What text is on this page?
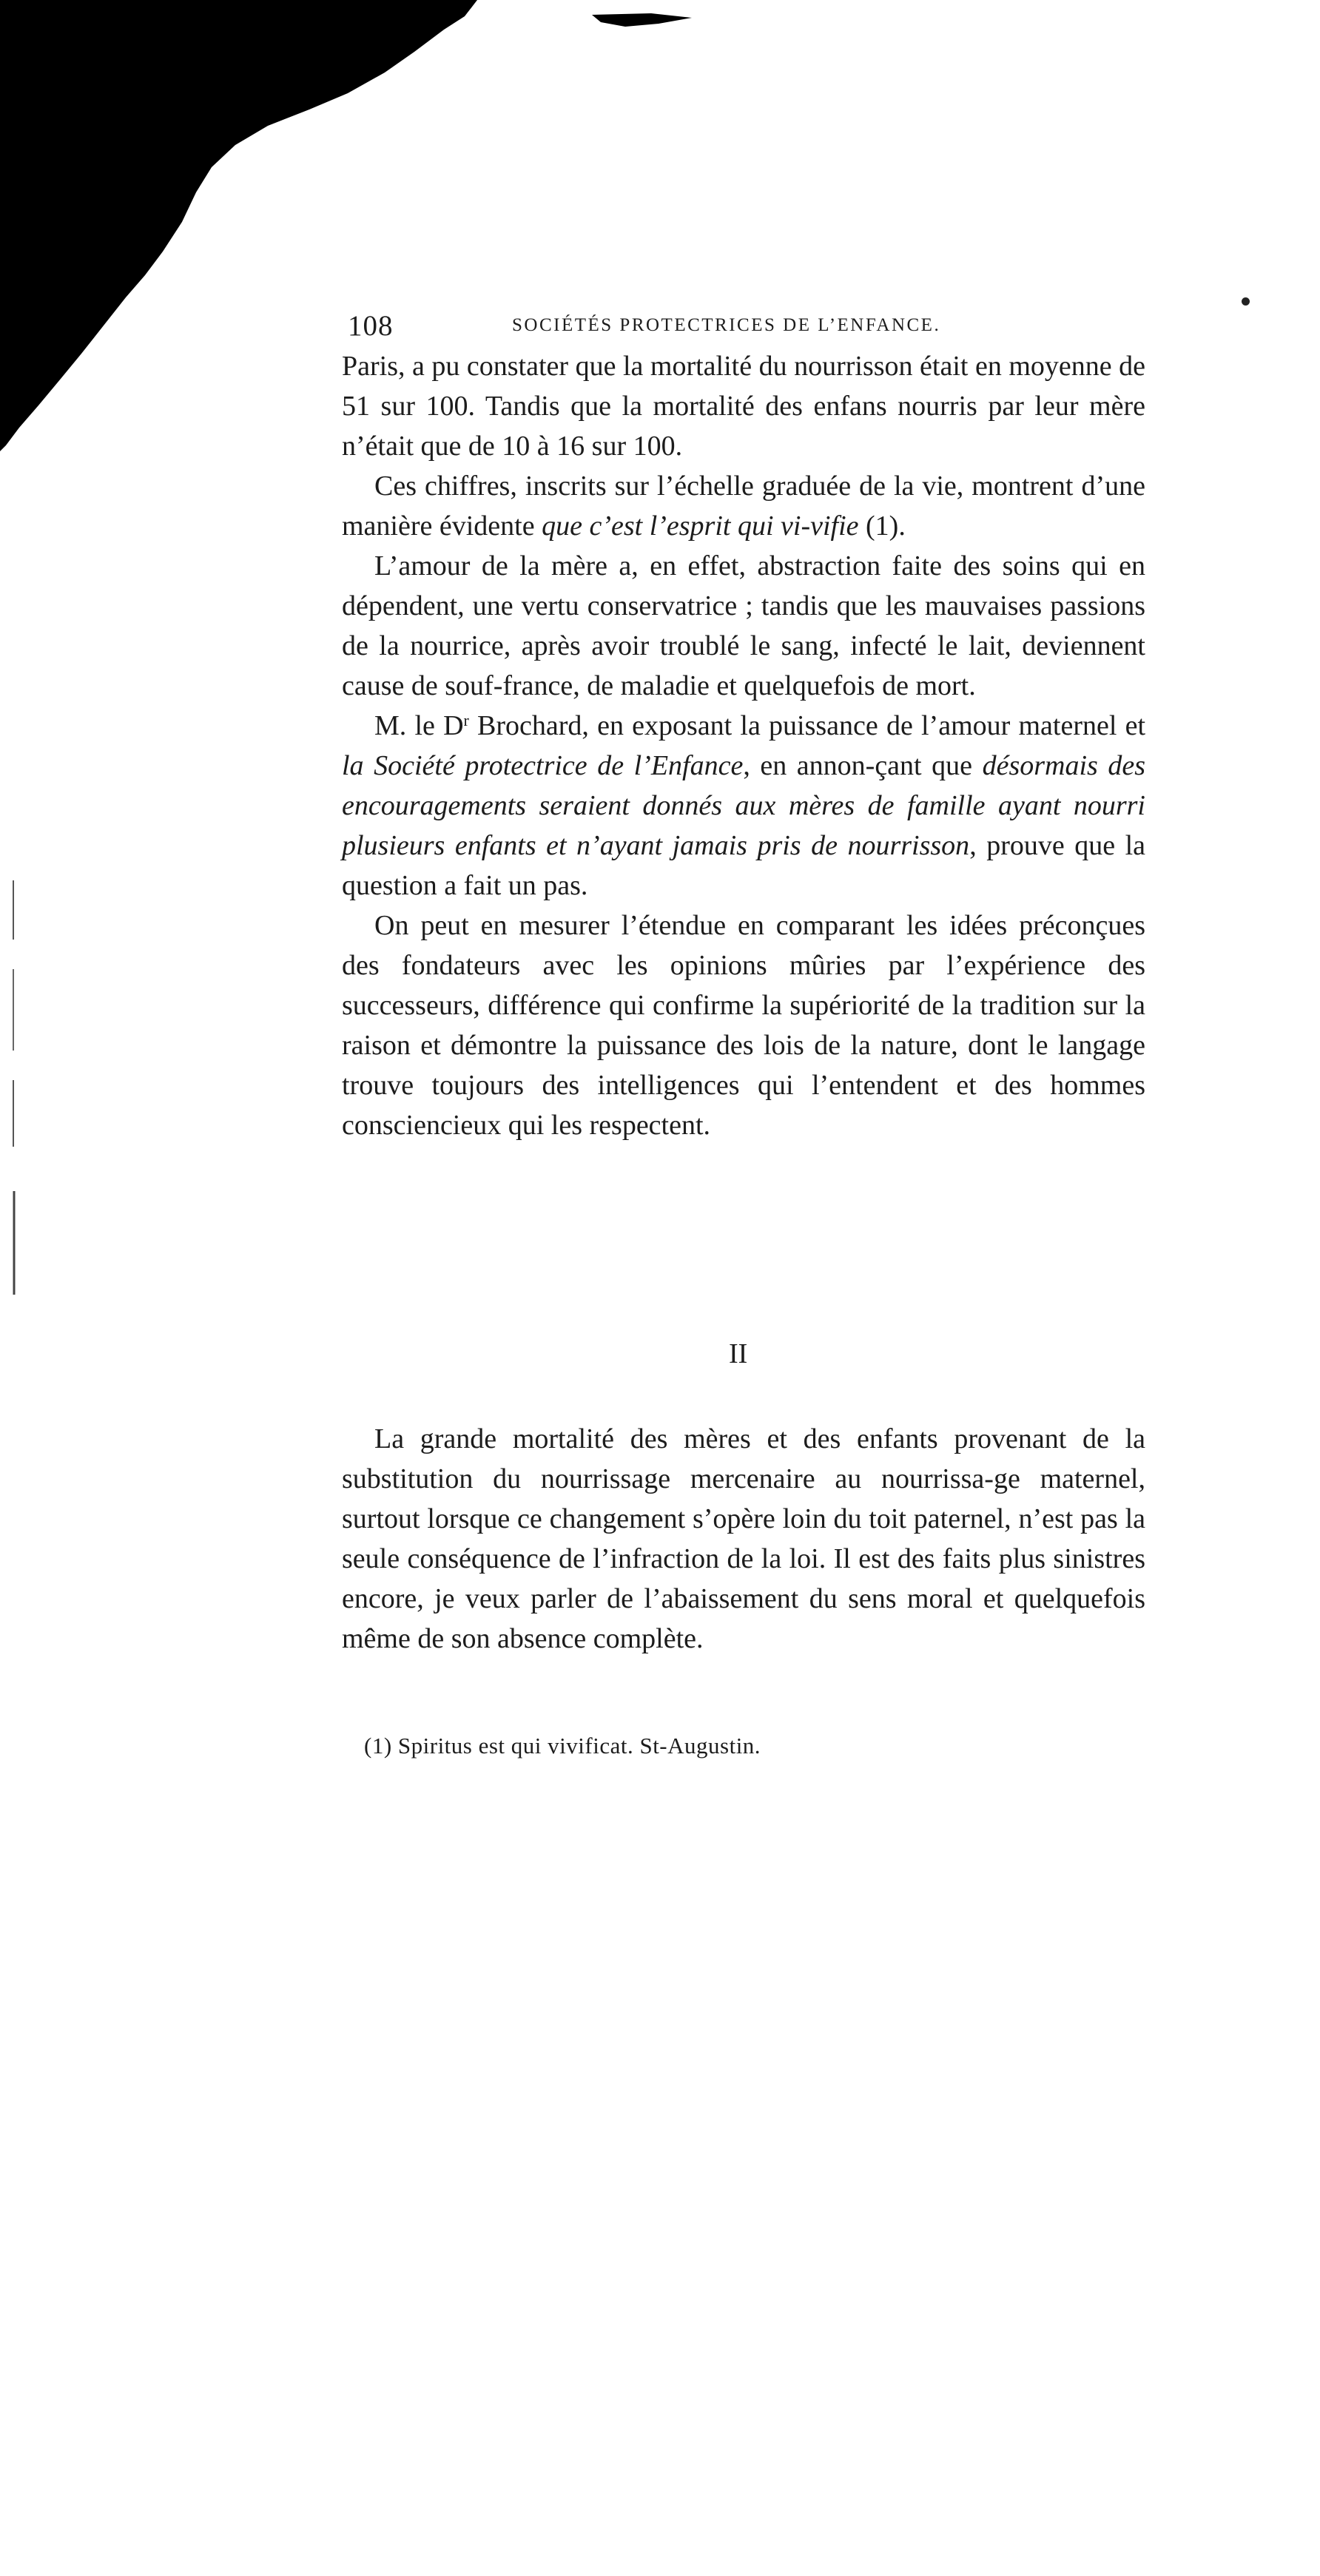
108	SOCIÉTÉS PROTECTRICES DE L’ENFANCE.

Paris, a pu constater que la mortalité du nourrisson était en moyenne de 51 sur 100. Tandis que la mortalité des enfans nourris par leur mère n’était que de 10 à 16 sur 100.

Ces chiffres, inscrits sur l’échelle graduée de la vie, montrent d’une manière évidente que c’est l’esprit qui vi-vifie (1).

L’amour de la mère a, en effet, abstraction faite des soins qui en dépendent, une vertu conservatrice ; tandis que les mauvaises passions de la nourrice, après avoir troublé le sang, infecté le lait, deviennent cause de souf-france, de maladie et quelquefois de mort.

M. le $D^r$ Brochard, en exposant la puissance de l’amour maternel et la Société protectrice de l’Enfance, en annon-çant que désormais des encouragements seraient donnés aux mères de famille ayant nourri plusieurs enfants et n’ayant jamais pris de nourrisson, prouve que la question a fait un pas.

On peut en mesurer l’étendue en comparant les idées préconçues des fondateurs avec les opinions mûries par l’expérience des successeurs, différence qui confirme la supériorité de la tradition sur la raison et démontre la puissance des lois de la nature, dont le langage trouve toujours des intelligences qui l’entendent et des hommes consciencieux qui les respectent.

II

La grande mortalité des mères et des enfants provenant de la substitution du nourrissage mercenaire au nourrissa-ge maternel, surtout lorsque ce changement s’opère loin du toit paternel, n’est pas la seule conséquence de l’infraction de la loi. Il est des faits plus sinistres encore, je veux parler de l’abaissement du sens moral et quelquefois même de son absence complète.

(1) Spiritus est qui vivificat. St-Augustin.
